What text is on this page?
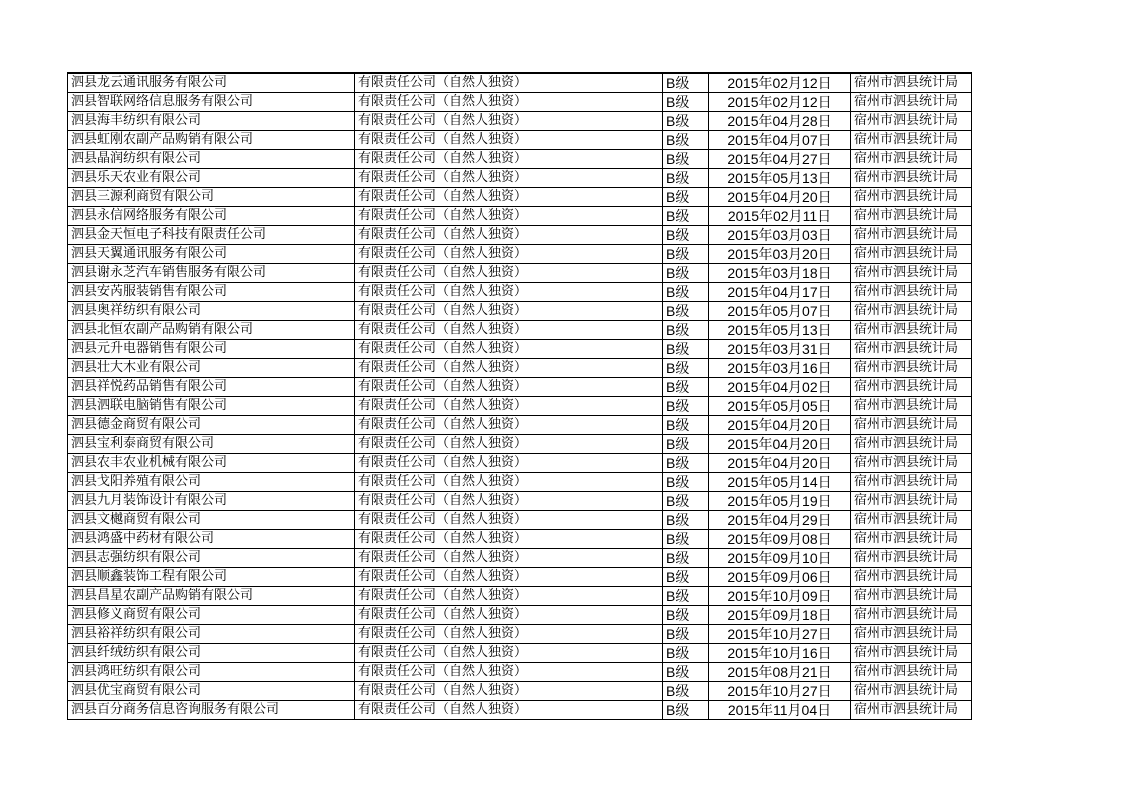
泗县龙云通讯服务有限公司	有限责任公司（自然人独资）	B级	2015年02月12日	宿州市泗县统计局
泗县智联网络信息服务有限公司	有限责任公司（自然人独资）	B级	2015年02月12日	宿州市泗县统计局
泗县海丰纺织有限公司	有限责任公司（自然人独资）	B级	2015年04月28日	宿州市泗县统计局
泗县虹刚农副产品购销有限公司	有限责任公司（自然人独资）	B级	2015年04月07日	宿州市泗县统计局
泗县晶润纺织有限公司	有限责任公司（自然人独资）	B级	2015年04月27日	宿州市泗县统计局
泗县乐天农业有限公司	有限责任公司（自然人独资）	B级	2015年05月13日	宿州市泗县统计局
泗县三源利商贸有限公司	有限责任公司（自然人独资）	B级	2015年04月20日	宿州市泗县统计局
泗县永信网络服务有限公司	有限责任公司（自然人独资）	B级	2015年02月11日	宿州市泗县统计局
泗县金天恒电子科技有限责任公司	有限责任公司（自然人独资）	B级	2015年03月03日	宿州市泗县统计局
泗县天翼通讯服务有限公司	有限责任公司（自然人独资）	B级	2015年03月20日	宿州市泗县统计局
泗县谢永芝汽车销售服务有限公司	有限责任公司（自然人独资）	B级	2015年03月18日	宿州市泗县统计局
泗县安芮服装销售有限公司	有限责任公司（自然人独资）	B级	2015年04月17日	宿州市泗县统计局
泗县奥祥纺织有限公司	有限责任公司（自然人独资）	B级	2015年05月07日	宿州市泗县统计局
泗县北恒农副产品购销有限公司	有限责任公司（自然人独资）	B级	2015年05月13日	宿州市泗县统计局
泗县元升电器销售有限公司	有限责任公司（自然人独资）	B级	2015年03月31日	宿州市泗县统计局
泗县壮大木业有限公司	有限责任公司（自然人独资）	B级	2015年03月16日	宿州市泗县统计局
泗县祥悦药品销售有限公司	有限责任公司（自然人独资）	B级	2015年04月02日	宿州市泗县统计局
泗县泗联电脑销售有限公司	有限责任公司（自然人独资）	B级	2015年05月05日	宿州市泗县统计局
泗县德金商贸有限公司	有限责任公司（自然人独资）	B级	2015年04月20日	宿州市泗县统计局
泗县宝利泰商贸有限公司	有限责任公司（自然人独资）	B级	2015年04月20日	宿州市泗县统计局
泗县农丰农业机械有限公司	有限责任公司（自然人独资）	B级	2015年04月20日	宿州市泗县统计局
泗县戈阳养殖有限公司	有限责任公司（自然人独资）	B级	2015年05月14日	宿州市泗县统计局
泗县九月装饰设计有限公司	有限责任公司（自然人独资）	B级	2015年05月19日	宿州市泗县统计局
泗县文樾商贸有限公司	有限责任公司（自然人独资）	B级	2015年04月29日	宿州市泗县统计局
泗县鸿盛中药材有限公司	有限责任公司（自然人独资）	B级	2015年09月08日	宿州市泗县统计局
泗县志强纺织有限公司	有限责任公司（自然人独资）	B级	2015年09月10日	宿州市泗县统计局
泗县顺鑫装饰工程有限公司	有限责任公司（自然人独资）	B级	2015年09月06日	宿州市泗县统计局
泗县昌星农副产品购销有限公司	有限责任公司（自然人独资）	B级	2015年10月09日	宿州市泗县统计局
泗县修义商贸有限公司	有限责任公司（自然人独资）	B级	2015年09月18日	宿州市泗县统计局
泗县裕祥纺织有限公司	有限责任公司（自然人独资）	B级	2015年10月27日	宿州市泗县统计局
泗县纤绒纺织有限公司	有限责任公司（自然人独资）	B级	2015年10月16日	宿州市泗县统计局
泗县鸿旺纺织有限公司	有限责任公司（自然人独资）	B级	2015年08月21日	宿州市泗县统计局
泗县优宝商贸有限公司	有限责任公司（自然人独资）	B级	2015年10月27日	宿州市泗县统计局
泗县百分商务信息咨询服务有限公司	有限责任公司（自然人独资）	B级	2015年11月04日	宿州市泗县统计局
